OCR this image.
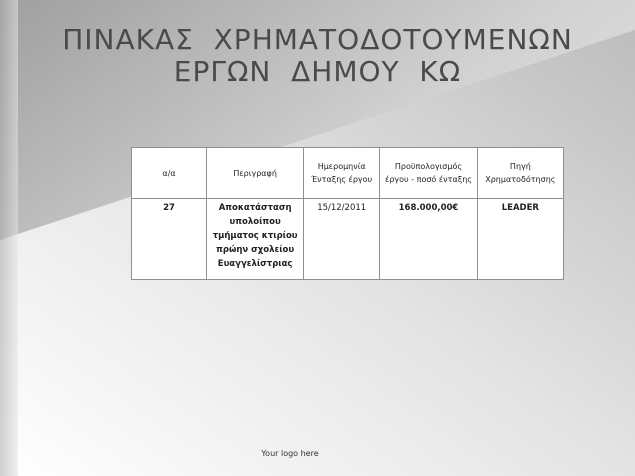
ΠΙΝΑΚΑΣ  ΧΡΗΜΑΤΟΔΟΤΟΥΜΕΝΩΝ
ΕΡΓΩΝ  ΔΗΜΟΥ  ΚΩ
α/α	Περιγραφή	Ημερομηνία Ένταξης έργου	Προϋπολογισμός έργου - ποσό ένταξης	Πηγή Χρηματοδότησης
27	Αποκατάσταση υπολοίπου τμήματος κτιρίου πρώην σχολείου Ευαγγελίστριας	15/12/2011	168.000,00€	LEADER
Your logo here
